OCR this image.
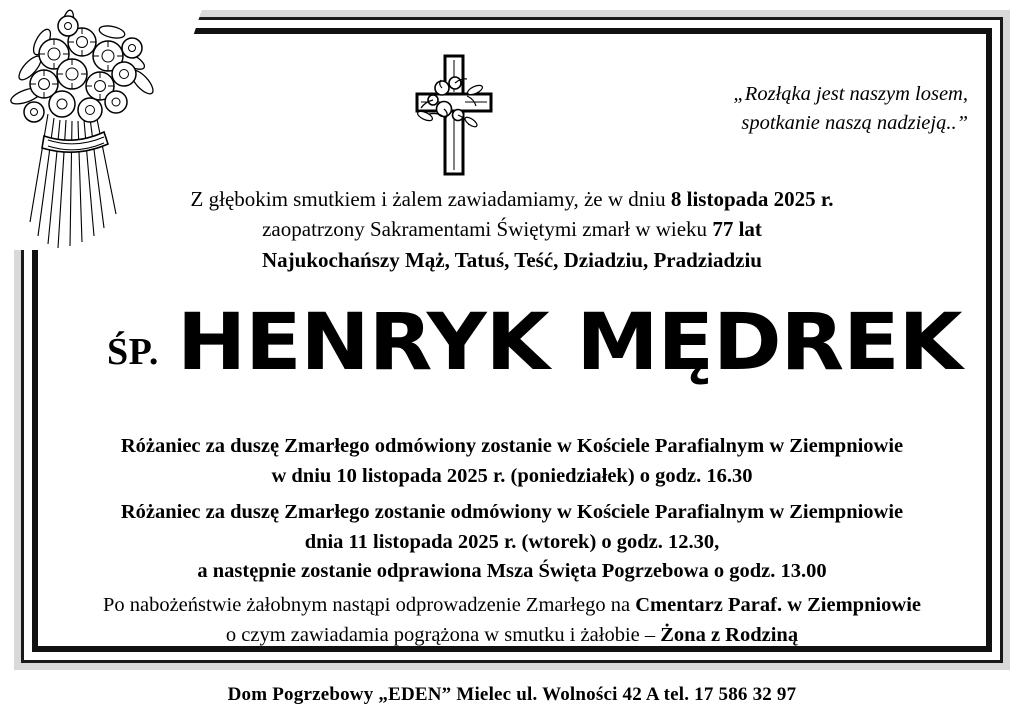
„Rozłąka jest naszym losem,
spotkanie naszą nadzieją..”
Z głębokim smutkiem i żalem zawiadamiamy, że w dniu 8 listopada 2025 r.
zaopatrzony Sakramentami Świętymi zmarł w wieku 77 lat
Najukochańszy Mąż, Tatuś, Teść, Dziadziu, Pradziadziu
ŚP. HENRYK MĘDREK
Różaniec za duszę Zmarłego odmówiony zostanie w Kościele Parafialnym w Ziempniowie
w dniu 10 listopada 2025 r. (poniedziałek) o godz. 16.30
Różaniec za duszę Zmarłego zostanie odmówiony w Kościele Parafialnym w Ziempniowie
dnia 11 listopada 2025 r. (wtorek) o godz. 12.30,
a następnie zostanie odprawiona Msza Święta Pogrzebowa o godz. 13.00
Po nabożeństwie żałobnym nastąpi odprowadzenie Zmarłego na Cmentarz Paraf. w Ziempniowie
o czym zawiadamia pogrążona w smutku i żałobie – Żona z Rodziną
Dom Pogrzebowy „EDEN” Mielec ul. Wolności 42 A tel. 17 586 32 97
